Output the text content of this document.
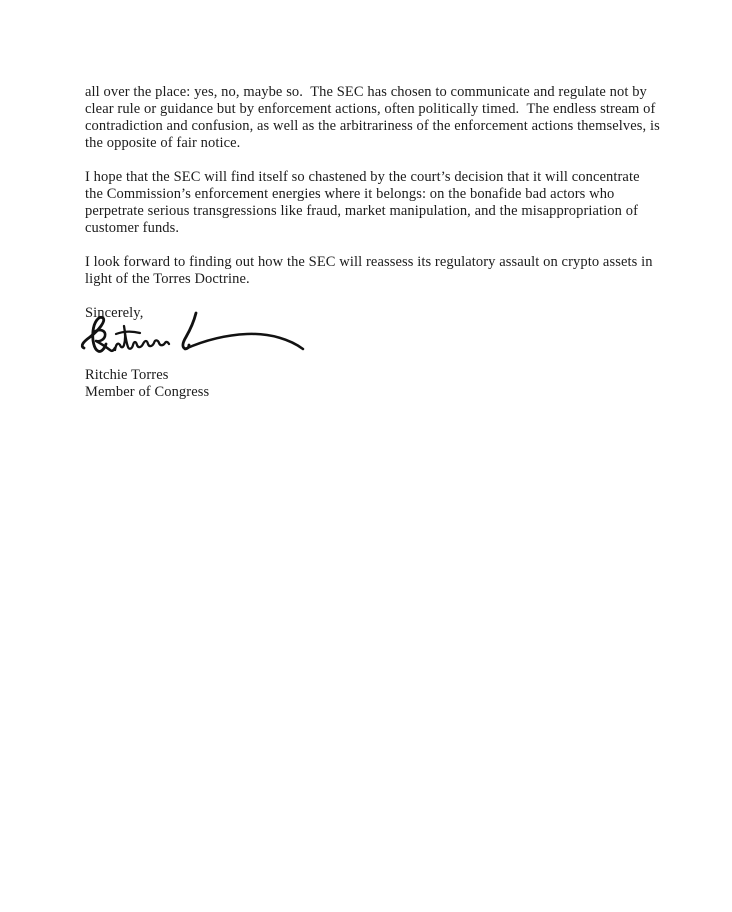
all over the place: yes, no, maybe so.  The SEC has chosen to communicate and regulate not by
clear rule or guidance but by enforcement actions, often politically timed.  The endless stream of
contradiction and confusion, as well as the arbitrariness of the enforcement actions themselves, is
the opposite of fair notice.
I hope that the SEC will find itself so chastened by the court’s decision that it will concentrate
the Commission’s enforcement energies where it belongs: on the bonafide bad actors who
perpetrate serious transgressions like fraud, market manipulation, and the misappropriation of
customer funds.
I look forward to finding out how the SEC will reassess its regulatory assault on crypto assets in
light of the Torres Doctrine.

Sincerely,

Ritchie Torres

Member of Congress
